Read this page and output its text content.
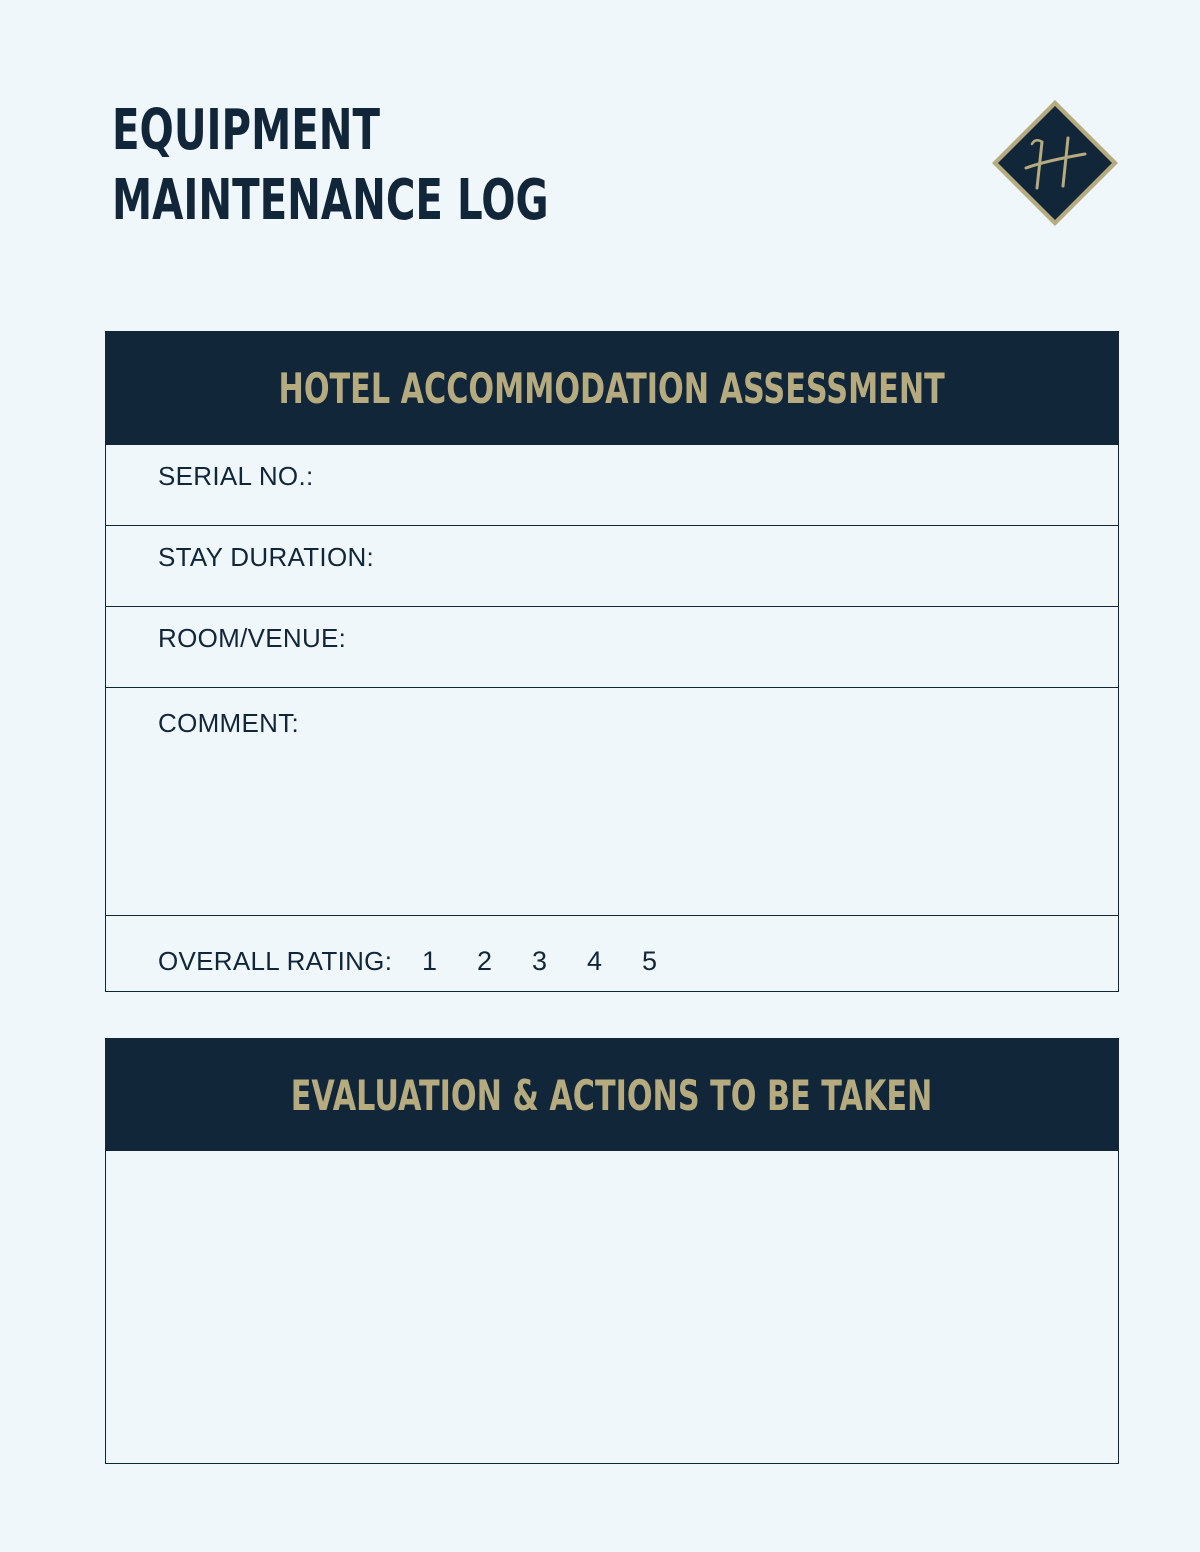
EQUIPMENT
MAINTENANCE LOG
HOTEL ACCOMMODATION ASSESSMENT
SERIAL NO.:
STAY DURATION:
ROOM/VENUE:
COMMENT:
OVERALL RATING: 1	2	3	4	5
EVALUATION & ACTIONS TO BE TAKEN
